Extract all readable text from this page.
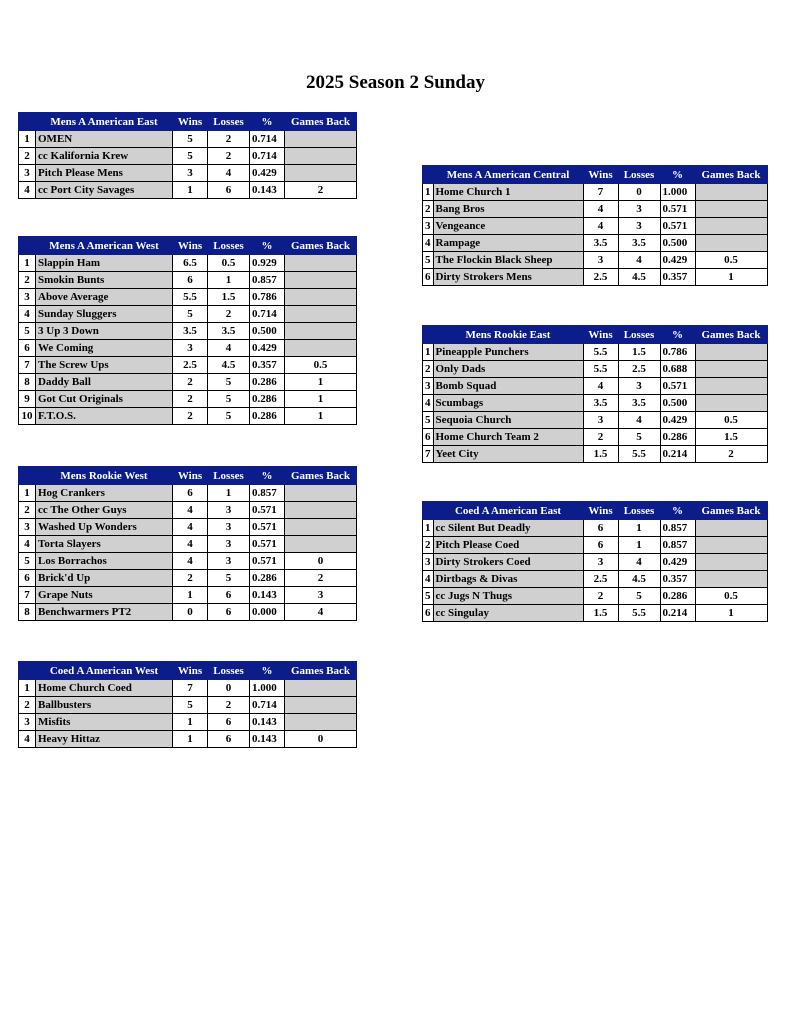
2025 Season 2 Sunday
	Mens A American East	Wins	Losses	%	Games Back
1	OMEN	5	2	0.714	
2	cc Kalifornia Krew	5	2	0.714	
3	Pitch Please Mens	3	4	0.429	
4	cc Port City Savages	1	6	0.143	2
	Mens A American West	Wins	Losses	%	Games Back
1	Slappin Ham	6.5	0.5	0.929	
2	Smokin Bunts	6	1	0.857	
3	Above Average	5.5	1.5	0.786	
4	Sunday Sluggers	5	2	0.714	
5	3 Up 3 Down	3.5	3.5	0.500	
6	We Coming	3	4	0.429	
7	The Screw Ups	2.5	4.5	0.357	0.5
8	Daddy Ball	2	5	0.286	1
9	Got Cut Originals	2	5	0.286	1
10	F.T.O.S.	2	5	0.286	1
	Mens Rookie West	Wins	Losses	%	Games Back
1	Hog Crankers	6	1	0.857	
2	cc The Other Guys	4	3	0.571	
3	Washed Up Wonders	4	3	0.571	
4	Torta Slayers	4	3	0.571	
5	Los Borrachos	4	3	0.571	0
6	Brick'd Up	2	5	0.286	2
7	Grape Nuts	1	6	0.143	3
8	Benchwarmers PT2	0	6	0.000	4
	Coed A American West	Wins	Losses	%	Games Back
1	Home Church Coed	7	0	1.000	
2	Ballbusters	5	2	0.714	
3	Misfits	1	6	0.143	
4	Heavy Hittaz	1	6	0.143	0
	Mens A American Central	Wins	Losses	%	Games Back
1	Home Church 1	7	0	1.000	
2	Bang Bros	4	3	0.571	
3	Vengeance	4	3	0.571	
4	Rampage	3.5	3.5	0.500	
5	The Flockin Black Sheep	3	4	0.429	0.5
6	Dirty Strokers Mens	2.5	4.5	0.357	1
	Mens Rookie East	Wins	Losses	%	Games Back
1	Pineapple Punchers	5.5	1.5	0.786	
2	Only Dads	5.5	2.5	0.688	
3	Bomb Squad	4	3	0.571	
4	Scumbags	3.5	3.5	0.500	
5	Sequoia Church	3	4	0.429	0.5
6	Home Church Team 2	2	5	0.286	1.5
7	Yeet City	1.5	5.5	0.214	2
	Coed A American East	Wins	Losses	%	Games Back
1	cc Silent But Deadly	6	1	0.857	
2	Pitch Please Coed	6	1	0.857	
3	Dirty Strokers Coed	3	4	0.429	
4	Dirtbags & Divas	2.5	4.5	0.357	
5	cc Jugs N Thugs	2	5	0.286	0.5
6	cc Singulay	1.5	5.5	0.214	1
